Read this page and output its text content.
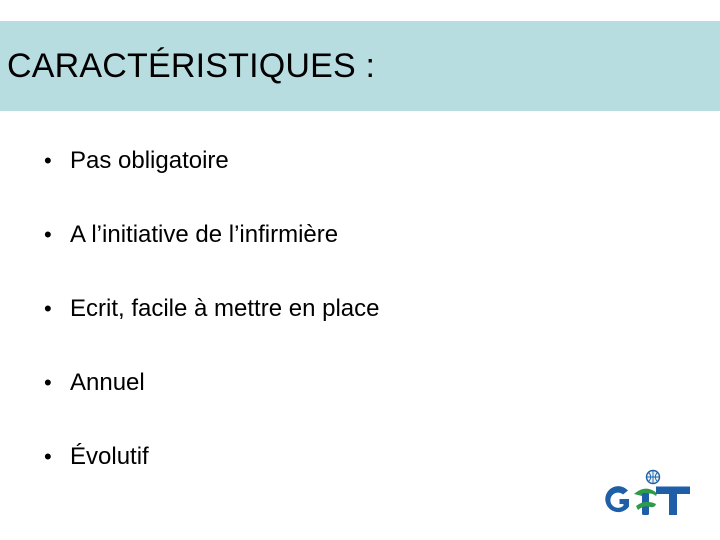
CARACTÉRISTIQUES :
• Pas obligatoire
• A l’initiative de l’infirmière
• Ecrit, facile à mettre en place
• Annuel
• Évolutif
